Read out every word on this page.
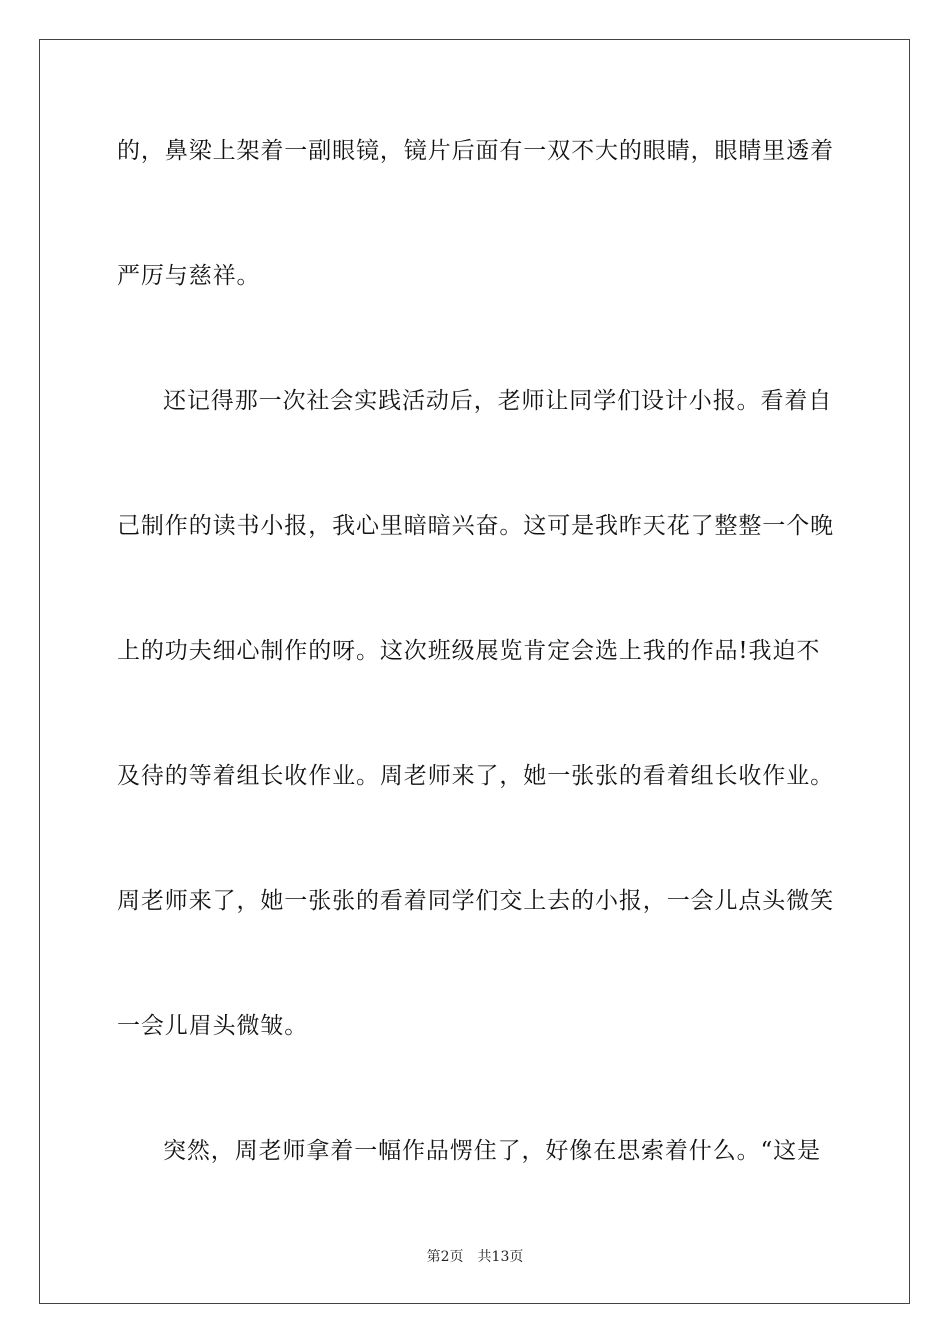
的，鼻梁上架着一副眼镜，镜片后面有一双不大的眼睛，眼睛里透着
严厉与慈祥。
还记得那一次社会实践活动后，老师让同学们设计小报。看着自
己制作的读书小报，我心里暗暗兴奋。这可是我昨天花了整整一个晚
上的功夫细心制作的呀。这次班级展览肯定会选上我的作品!我迫不
及待的等着组长收作业。周老师来了，她一张张的看着组长收作业。
周老师来了，她一张张的看着同学们交上去的小报，一会儿点头微笑
一会儿眉头微皱。
突然，周老师拿着一幅作品愣住了，好像在思索着什么。“这是
第2页 共13页
